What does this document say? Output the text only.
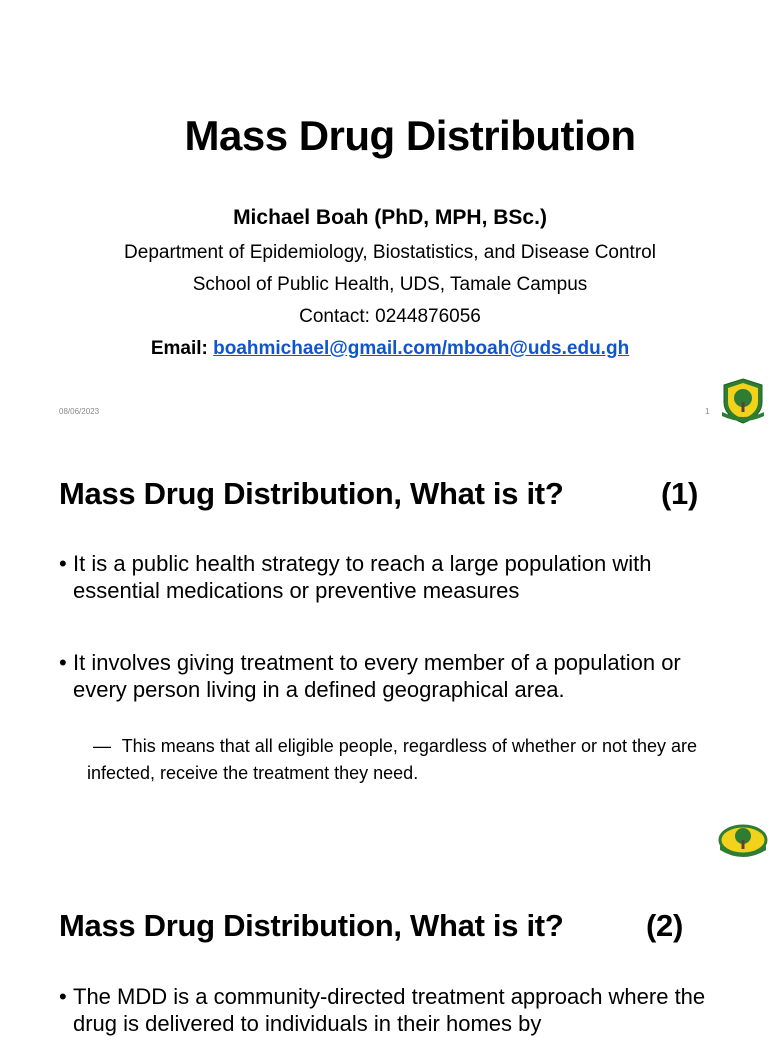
Mass Drug Distribution
Michael Boah (PhD, MPH, BSc.)
Department of Epidemiology, Biostatistics, and Disease Control
School of Public Health, UDS, Tamale Campus
Contact: 0244876056
Email: boahmichael@gmail.com/mboah@uds.edu.gh
08/06/2023	1
Mass Drug Distribution, What is it?	(1)
• It is a public health strategy to reach a large population with essential medications or preventive measures
• It involves giving treatment to every member of a population or every person living in a defined geographical area.
— This means that all eligible people, regardless of whether or not they are infected, receive the treatment they need.
Mass Drug Distribution, What is it?	(2)
• The MDD is a community-directed treatment approach where the drug is delivered to individuals in their homes by
